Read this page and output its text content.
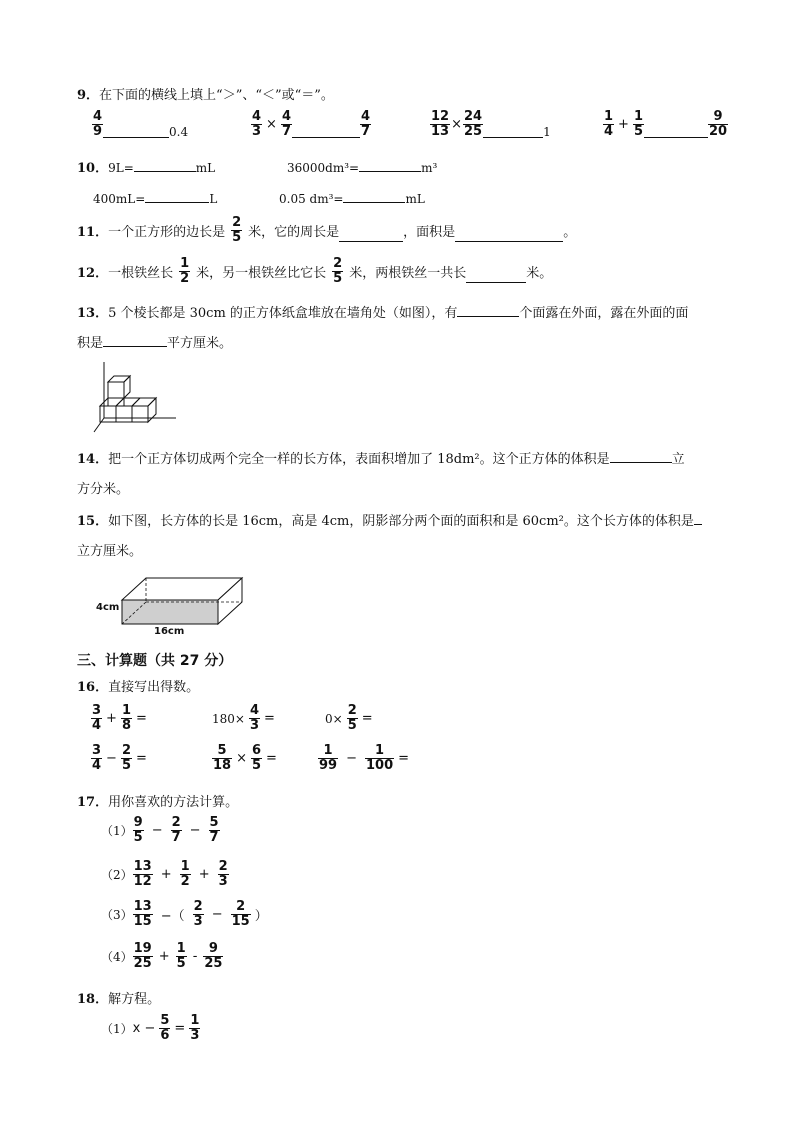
9．在下面的横线上填上“＞”、“＜”或“＝”。
$\frac{4}{9}$	0.4	$\frac{4}{3} \times \frac{4}{7}$	$\frac{4}{7}$	$\frac{12}{13} \times \frac{24}{25}$	1	$\frac{1}{4} + \frac{1}{5}$	$\frac{9}{20}$
10．9L=	mL	36000dm³=	m³
400mL=	L	0.05 dm³=	mL
11． 一个正方形的边长是 $\frac{2}{5}$ 米，它的周长是	，面积是	。
12． 一根铁丝长 $\frac{1}{2}$ 米，另一根铁丝比它长 $\frac{2}{5}$ 米，两根铁丝一共长	米。
13．5 个棱长都是 30cm 的正方体纸盒堆放在墙角处（如图），有	个面露在外面，露在外面的面
积是	平方厘米。
14．把一个正方体切成两个完全一样的长方体，表面积增加了 18dm²。这个正方体的体积是	立
方分米。
15．如下图，长方体的长是 16cm，高是 4cm，阴影部分两个面的面积和是 60cm²。这个长方体的体积是
立方厘米。
4cm
16cm
三、计算题（共 27 分）
16．直接写出得数。
$\frac{3}{4} + \frac{1}{8}$ =	$180\times \frac{4}{3}$ =	$0\times \frac{2}{5}$ =
$\frac{3}{4} - \frac{2}{5}$ =	$\frac{5}{18} \times \frac{6}{5}$ =	$\frac{1}{99} - \frac{1}{100}$ =
17．用你喜欢的方法计算。
$(1) \frac{9}{5} - \frac{2}{7} - \frac{5}{7}$
$(2) \frac{13}{12} + \frac{1}{2} + \frac{2}{3}$
$(3) \frac{13}{15}$ −（ $\frac{2}{3} - \frac{2}{15}$ ）
$(4) \frac{19}{25} + \frac{1}{5} - \frac{9}{25}$
18．解方程。
（1） $x - \frac{5}{6} = \frac{1}{3}$
